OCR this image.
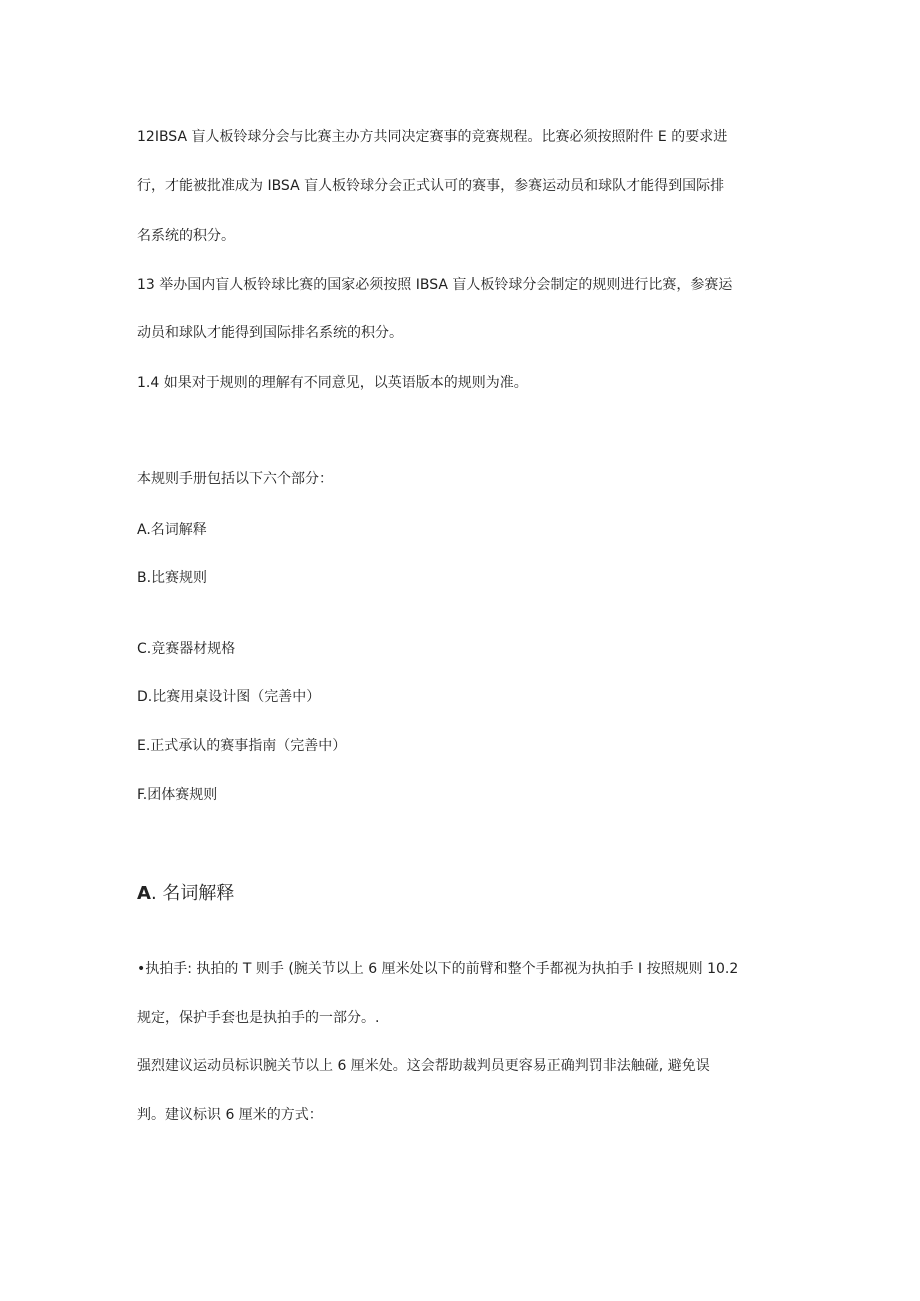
12IBSA 盲人板铃球分会与比赛主办方共同决定赛事的竞赛规程。比赛必须按照附件 E 的要求进

行，才能被批准成为 IBSA 盲人板铃球分会正式认可的赛事，参赛运动员和球队才能得到国际排

名系统的积分。

13 举办国内盲人板铃球比赛的国家必须按照 IBSA 盲人板铃球分会制定的规则进行比赛，参赛运

动员和球队才能得到国际排名系统的积分。

1.4 如果对于规则的理解有不同意见，以英语版本的规则为准。

本规则手册包括以下六个部分：

A.名词解释

B.比赛规则

C.竞赛器材规格

D.比赛用桌设计图（完善中）

E.正式承认的赛事指南（完善中）

F.团体赛规则

A. 名词解释

•执拍手: 执拍的 T 则手 (腕关节以上 6 厘米处以下的前臂和整个手都视为执拍手 I 按照规则 10.2

规定，保护手套也是执拍手的一部分。.

强烈建议运动员标识腕关节以上 6 厘米处。这会帮助裁判员更容易正确判罚非法触碰, 避免误

判。建议标识 6 厘米的方式：
